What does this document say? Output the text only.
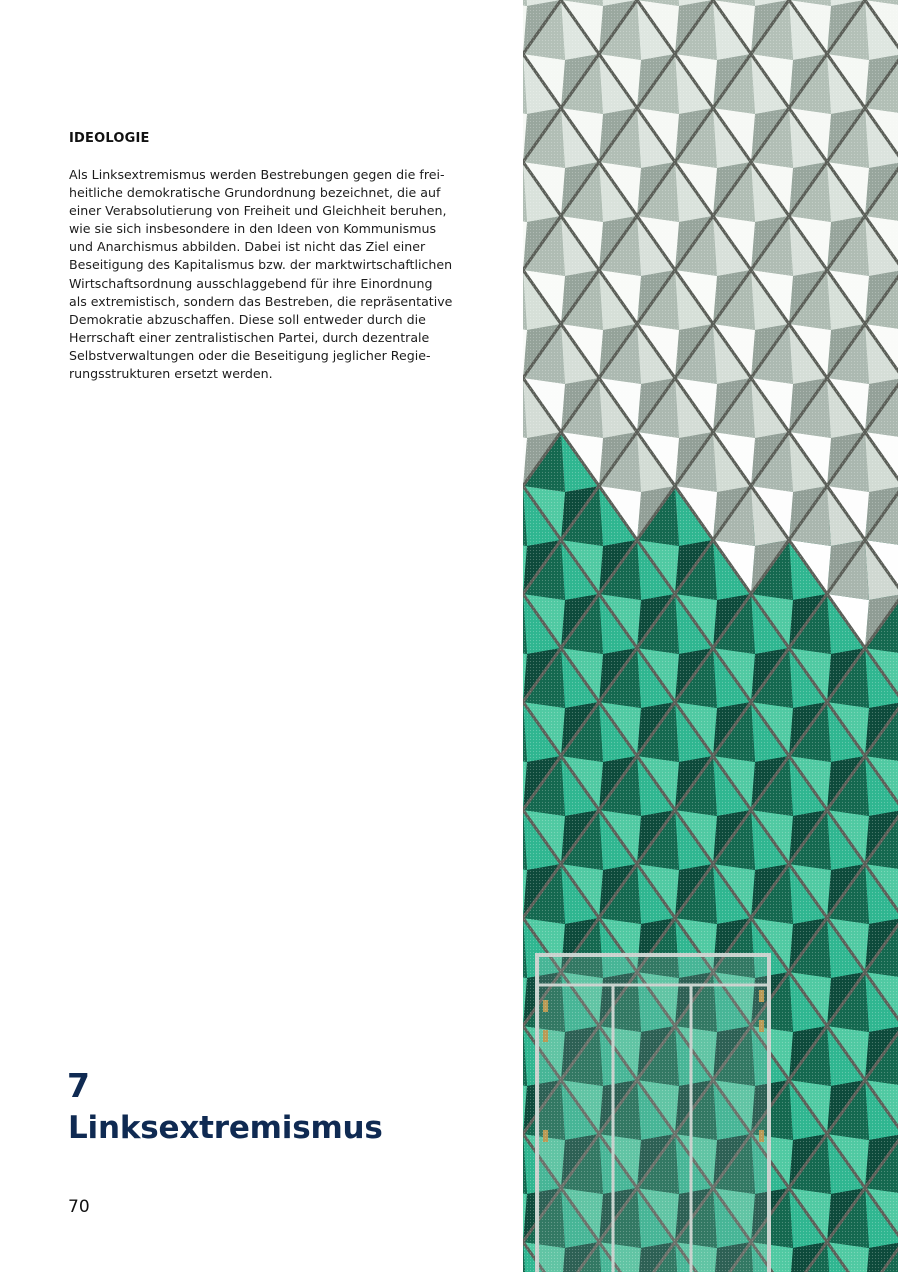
IDEOLOGIE
Als Linksextremismus werden Bestrebungen gegen die frei-
heitliche demokratische Grundordnung bezeichnet, die auf
einer Verabsolutierung von Freiheit und Gleichheit beruhen,
wie sie sich insbesondere in den Ideen von Kommunismus
und Anarchismus abbilden. Dabei ist nicht das Ziel einer
Beseitigung des Kapitalismus bzw. der marktwirtschaftlichen
Wirtschaftsordnung ausschlaggebend für ihre Einordnung
als extremistisch, sondern das Bestreben, die repräsentative
Demokratie abzuschaffen. Diese soll entweder durch die
Herrschaft einer zentralistischen Partei, durch dezentrale
Selbstverwaltungen oder die Beseitigung jeglicher Regie-
rungsstrukturen ersetzt werden.
7
Linksextremismus
70
